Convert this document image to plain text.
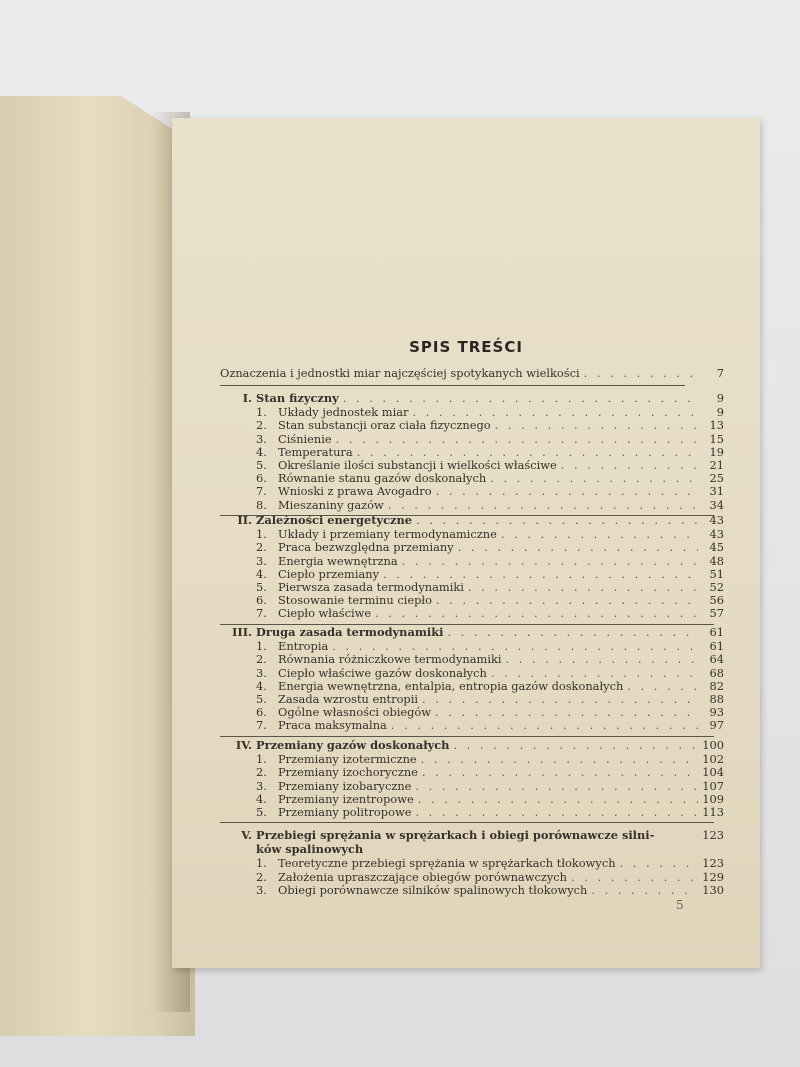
SPIS TREŚCI
Oznaczenia i jednostki miar najczęściej spotykanych wielkości . . .	7
I. Stan fizyczny . . .	9
1. Układy jednostek miar . . .	9
2. Stan substancji oraz ciała fizycznego . . .	13
3. Ciśnienie . . .	15
4. Temperatura . . .	19
5. Określanie ilości substancji i wielkości właściwe . . .	21
6. Równanie stanu gazów doskonałych . . .	25
7. Wnioski z prawa Avogadro . . .	31
8. Mieszaniny gazów . . .	34
II. Zależności energetyczne . . .	43
1. Układy i przemiany termodynamiczne . . .	43
2. Praca bezwzględna przemiany . . .	45
3. Energia wewnętrzna . . .	48
4. Ciepło przemiany . . .	51
5. Pierwsza zasada termodynamiki . . .	52
6. Stosowanie terminu ciepło . . .	56
7. Ciepło właściwe . . .	57
III. Druga zasada termodynamiki . . .	61
1. Entropia . . .	61
2. Równania różniczkowe termodynamiki . . .	64
3. Ciepło właściwe gazów doskonałych . . .	68
4. Energia wewnętrzna, entalpia, entropia gazów doskonałych . . .	82
5. Zasada wzrostu entropii . . .	88
6. Ogólne własności obiegów . . .	93
7. Praca maksymalna . . .	97
IV. Przemiany gazów doskonałych . . .	100
1. Przemiany izotermiczne . . .	102
2. Przemiany izochoryczne . . .	104
3. Przemiany izobaryczne . . .	107
4. Przemiany izentropowe . . .	109
5. Przemiany politropowe . . .	113
V. Przebiegi sprężania w sprężarkach i obiegi porównawcze silni-	123
ków spalinowych
1. Teoretyczne przebiegi sprężania w sprężarkach tłokowych . . .	123
2. Założenia upraszczające obiegów porównawczych . . .	129
3. Obiegi porównawcze silników spalinowych tłokowych . . .	130
5
